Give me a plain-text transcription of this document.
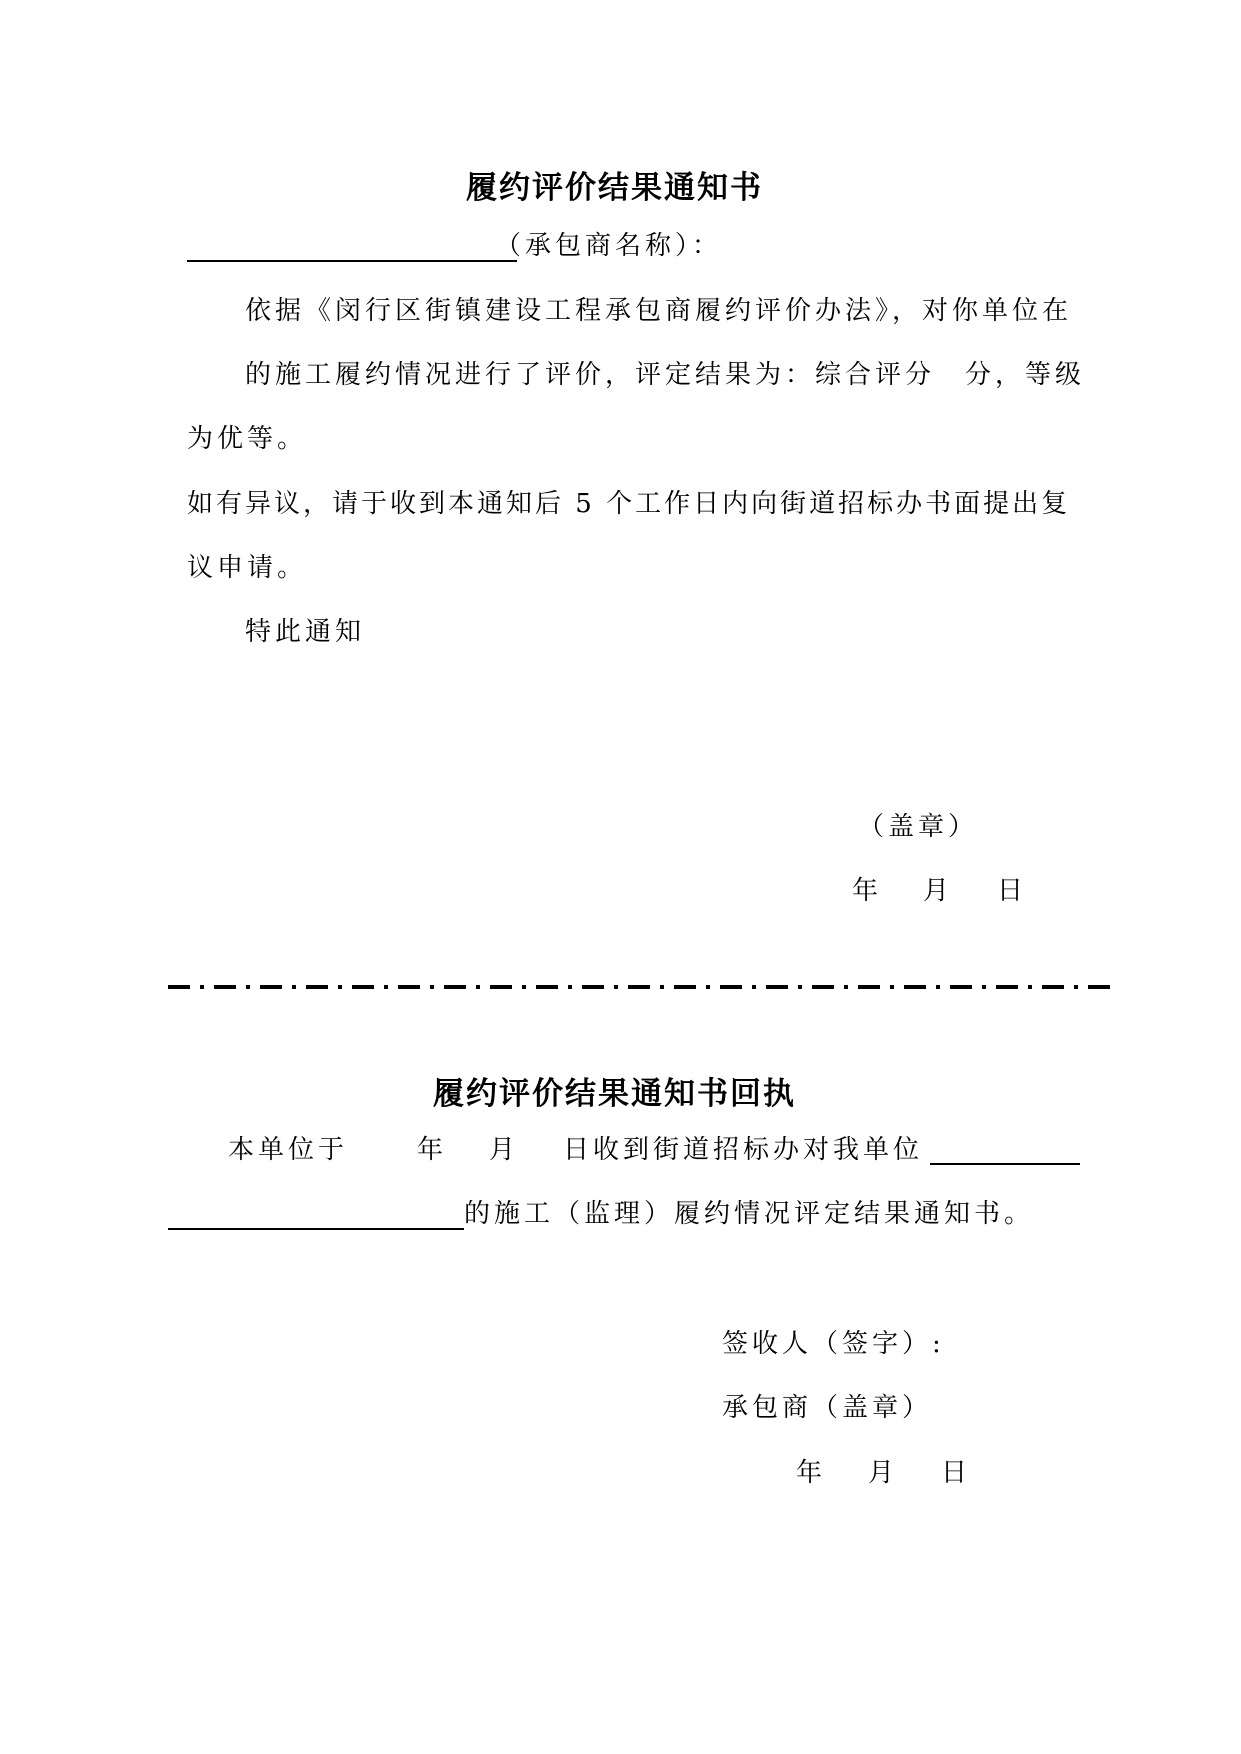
履约评价结果通知书
（承包商名称）：
依据《闵行区街镇建设工程承包商履约评价办法》，对你单位在
的施工履约情况进行了评价，评定结果为：综合评分　分，等级
为优等。
如有异议，请于收到本通知后 5 个工作日内向街道招标办书面提出复
议申请。
特此通知
（盖章）
年 月 日
履约评价结果通知书回执
本单位于	年 月 日收到街道招标办对我单位
的施工（监理）履约情况评定结果通知书。
签收人（签字）:
承包商（盖章）
年 月 日
